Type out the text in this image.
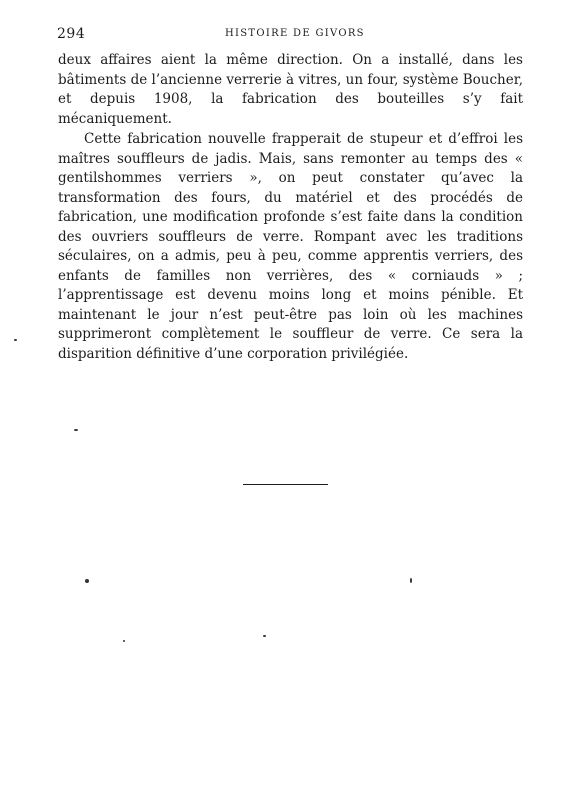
294	HISTOIRE DE GIVORS

deux affaires aient la même direction. On a installé, dans les bâtiments de l’ancienne verrerie à vitres, un four, système Boucher, et depuis 1908, la fabrication des bouteilles s’y fait mécaniquement.

Cette fabrication nouvelle frapperait de stupeur et d’effroi les maîtres souffleurs de jadis. Mais, sans remonter au temps des « gentilshommes verriers », on peut constater qu’avec la transformation des fours, du matériel et des procédés de fabrication, une modification profonde s’est faite dans la condition des ouvriers souffleurs de verre. Rompant avec les traditions séculaires, on a admis, peu à peu, comme apprentis verriers, des enfants de familles non verrières, des « corniauds » ; l’apprentissage est devenu moins long et moins pénible. Et maintenant le jour n’est peut-être pas loin où les machines supprimeront complètement le souffleur de verre. Ce sera la disparition définitive d’une corporation privilégiée.
